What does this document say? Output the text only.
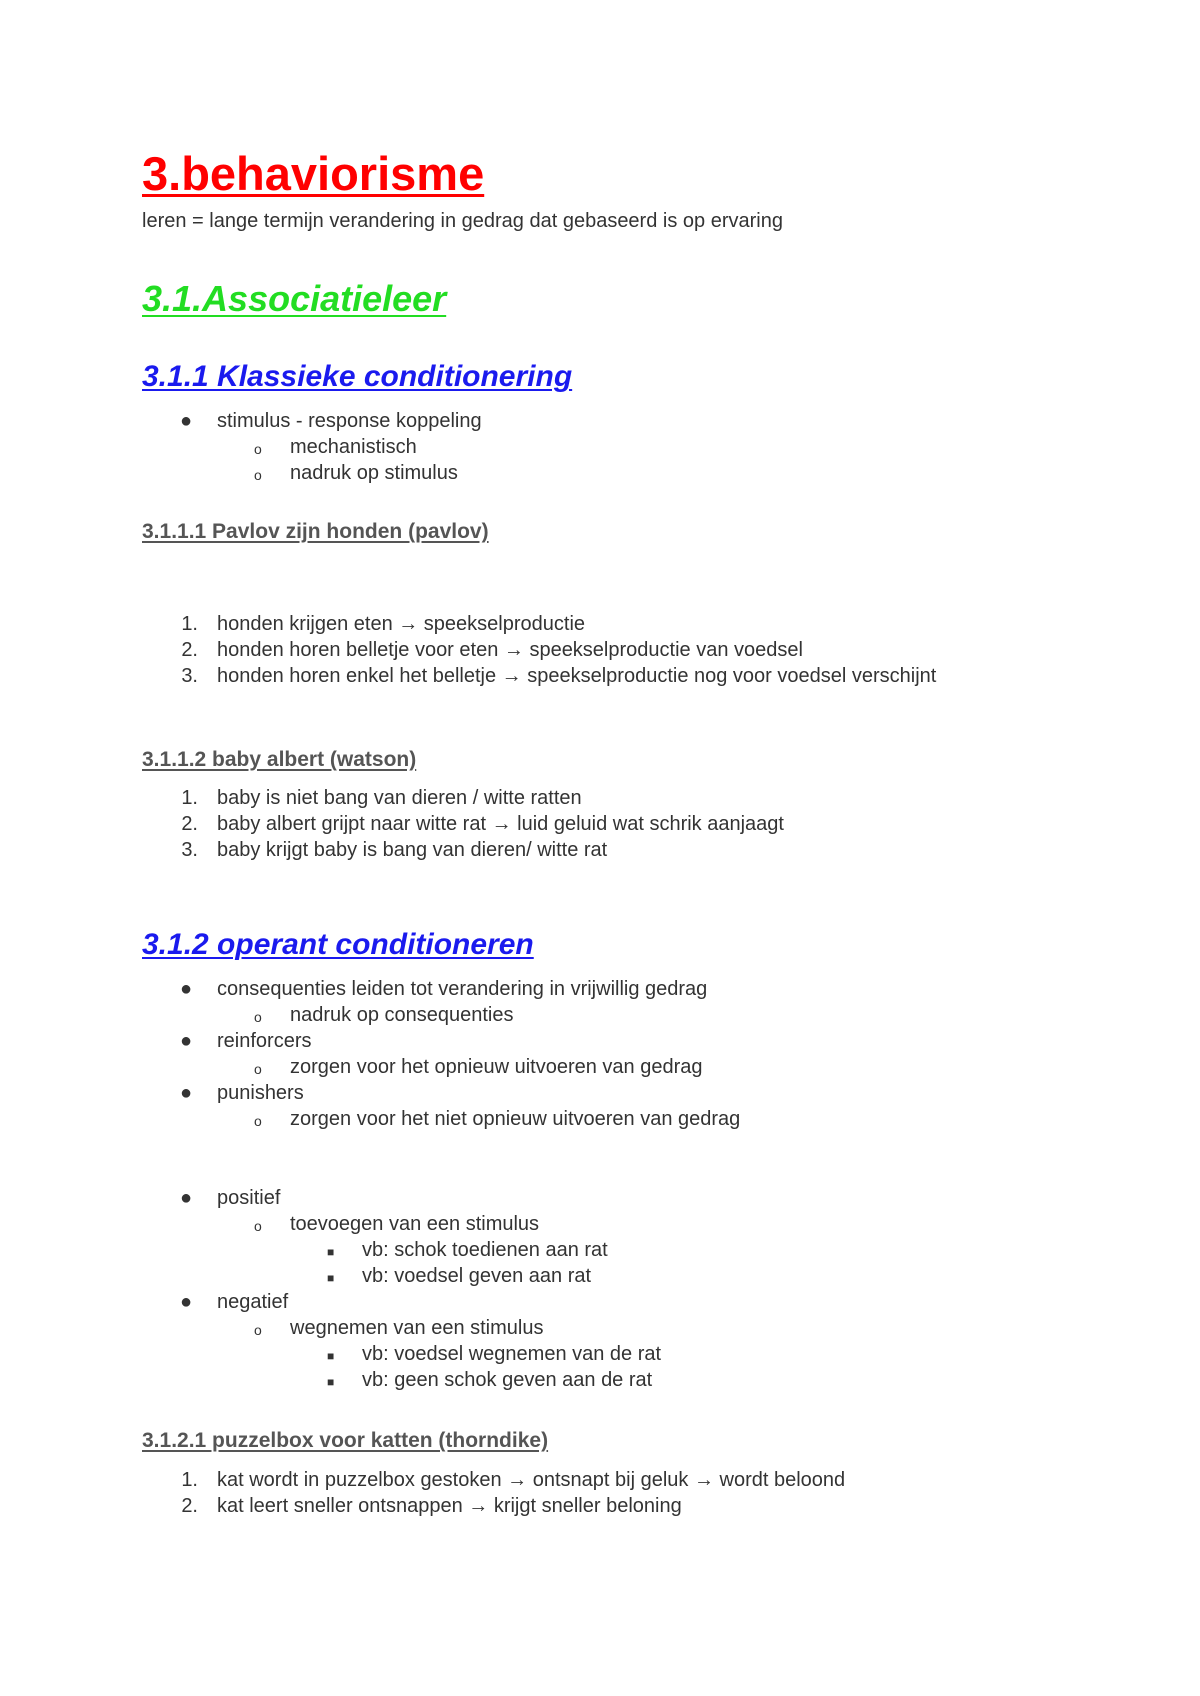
3.behaviorisme
leren = lange termijn verandering in gedrag dat gebaseerd is op ervaring
3.1.Associatieleer
3.1.1 Klassieke conditionering
● stimulus - response koppeling
o mechanistisch
o nadruk op stimulus
3.1.1.1 Pavlov zijn honden (pavlov)
1. honden krijgen eten → speekselproductie
2. honden horen belletje voor eten → speekselproductie van voedsel
3. honden horen enkel het belletje → speekselproductie nog voor voedsel verschijnt
3.1.1.2 baby albert (watson)
1. baby is niet bang van dieren / witte ratten
2. baby albert grijpt naar witte rat → luid geluid wat schrik aanjaagt
3. baby krijgt baby is bang van dieren/ witte rat
3.1.2 operant conditioneren
● consequenties leiden tot verandering in vrijwillig gedrag
o nadruk op consequenties
● reinforcers
o zorgen voor het opnieuw uitvoeren van gedrag
● punishers
o zorgen voor het niet opnieuw uitvoeren van gedrag
● positief
o toevoegen van een stimulus
■ vb: schok toedienen aan rat
■ vb: voedsel geven aan rat
● negatief
o wegnemen van een stimulus
■ vb: voedsel wegnemen van de rat
■ vb: geen schok geven aan de rat
3.1.2.1 puzzelbox voor katten (thorndike)
1. kat wordt in puzzelbox gestoken → ontsnapt bij geluk → wordt beloond
2. kat leert sneller ontsnappen → krijgt sneller beloning
